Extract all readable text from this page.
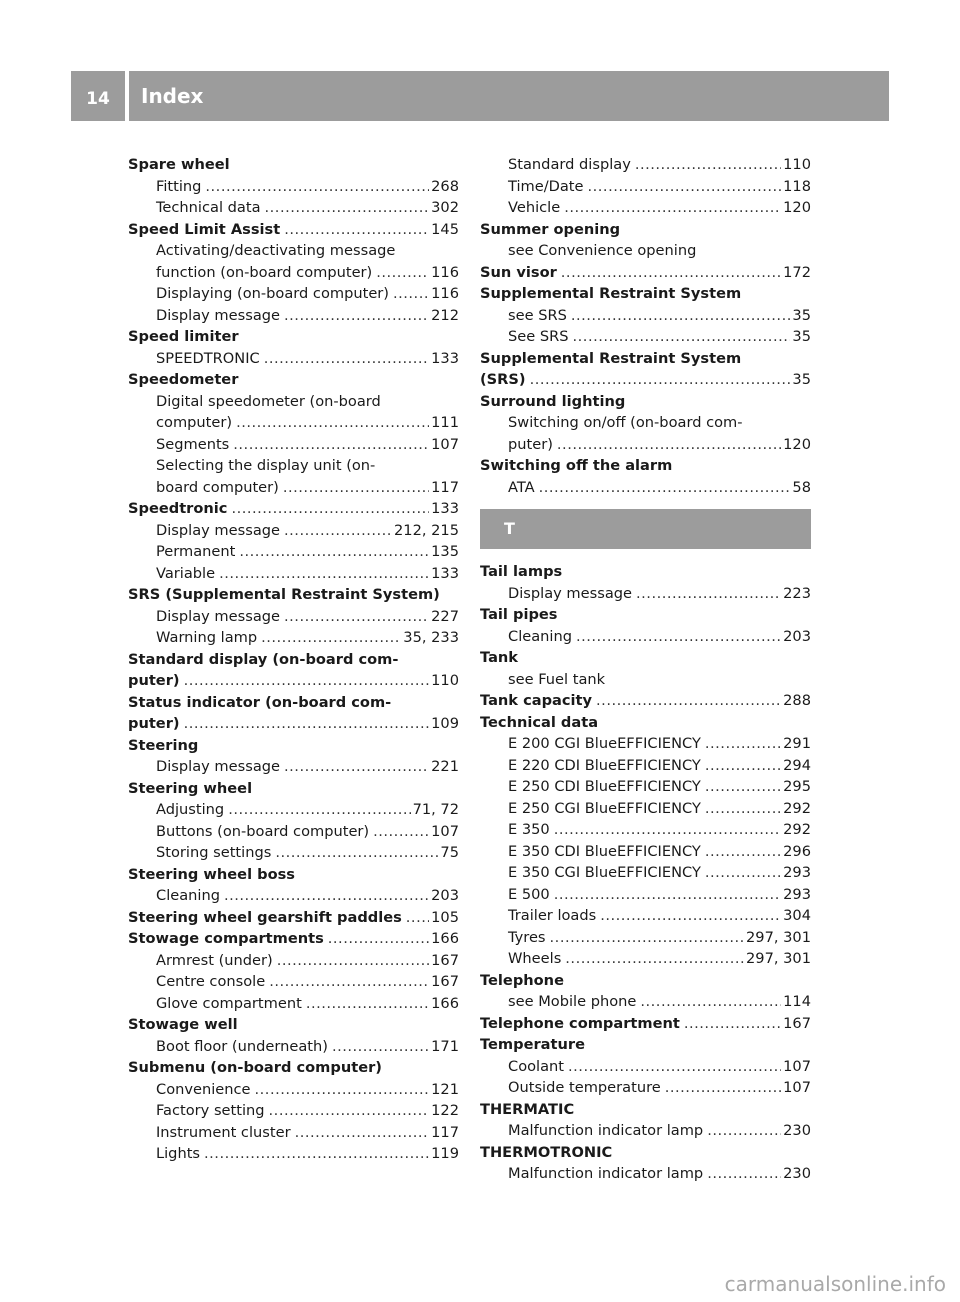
14	Index
Spare wheel
Fitting .....	268
Technical data .....	302
Speed Limit Assist .....	145
Activating/deactivating message
function (on-board computer) .....	116
Displaying (on-board computer) .....	116
Display message .....	212
Speed limiter
SPEEDTRONIC .....	133
Speedometer
Digital speedometer (on-board
computer) .....	111
Segments .....	107
Selecting the display unit (on-
board computer) .....	117
Speedtronic .....	133
Display message .....	212, 215
Permanent .....	135
Variable .....	133
SRS (Supplemental Restraint System)
Display message .....	227
Warning lamp .....	35, 233
Standard display (on-board com-
puter) .....	110
Status indicator (on-board com-
puter) .....	109
Steering
Display message .....	221
Steering wheel
Adjusting .....	71, 72
Buttons (on-board computer) .....	107
Storing settings .....	75
Steering wheel boss
Cleaning .....	203
Steering wheel gearshift paddles ..... 105
Stowage compartments .....	166
Armrest (under) .....	167
Centre console .....	167
Glove compartment .....	166
Stowage well
Boot floor (underneath) .....	171
Submenu (on-board computer)
Convenience .....	121
Factory setting .....	122
Instrument cluster .....	117
Lights .....	119
Standard display .....	110
Time/Date .....	118
Vehicle .....	120
Summer opening
see Convenience opening
Sun visor .....	172
Supplemental Restraint System
see SRS .....	35
See SRS .....	35
Supplemental Restraint System
(SRS) .....	35
Surround lighting
Switching on/off (on-board com-
puter) .....	120
Switching off the alarm
ATA .....	58
T
Tail lamps
Display message .....	223
Tail pipes
Cleaning .....	203
Tank
see Fuel tank
Tank capacity .....	288
Technical data
E 200 CGI BlueEFFICIENCY .....	291
E 220 CDI BlueEFFICIENCY .....	294
E 250 CDI BlueEFFICIENCY .....	295
E 250 CGI BlueEFFICIENCY .....	292
E 350 .....	292
E 350 CDI BlueEFFICIENCY .....	296
E 350 CGI BlueEFFICIENCY .....	293
E 500 .....	293
Trailer loads .....	304
Tyres .....	297, 301
Wheels .....	297, 301
Telephone
see Mobile phone .....	114
Telephone compartment .....	167
Temperature
Coolant .....	107
Outside temperature .....	107
THERMATIC
Malfunction indicator lamp .....	230
THERMOTRONIC
Malfunction indicator lamp .....	230
carmanualsonline.info
